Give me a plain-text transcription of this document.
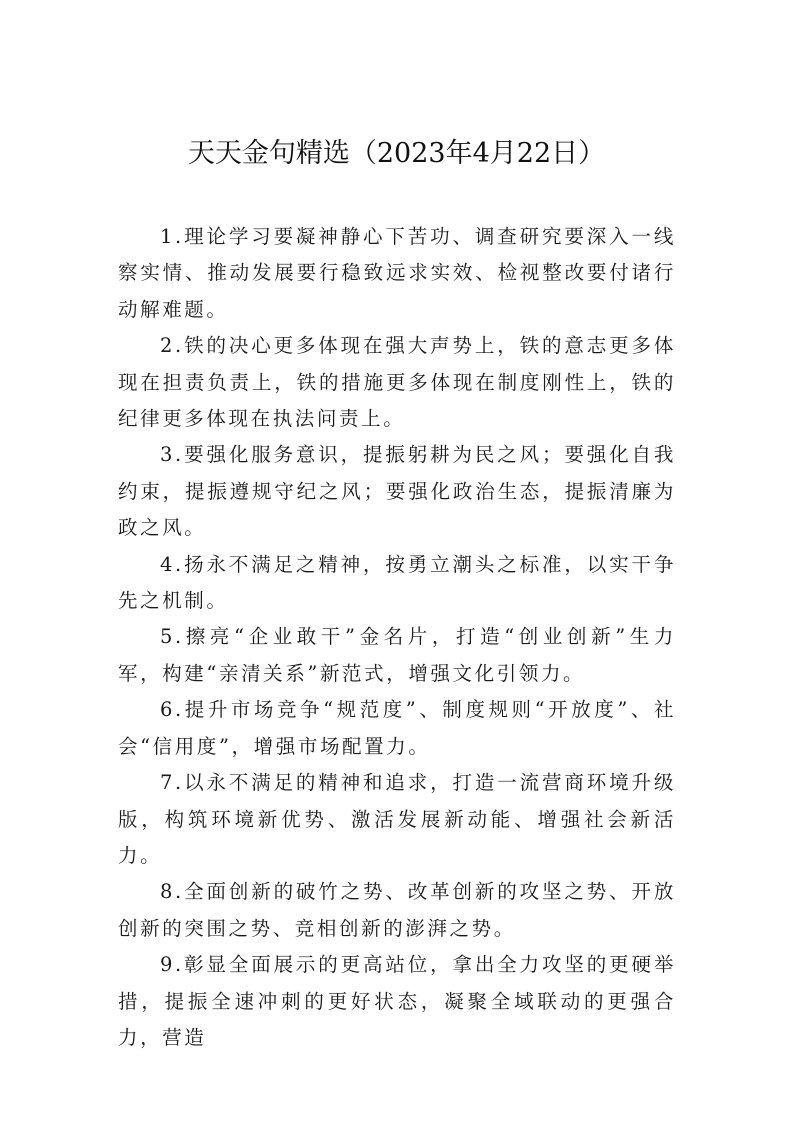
天天金句精选（2023年4月22日）

1.理论学习要凝神静心下苦功、调查研究要深入一线察实情、推动发展要行稳致远求实效、检视整改要付诸行动解难题。

2.铁的决心更多体现在强大声势上，铁的意志更多体现在担责负责上，铁的措施更多体现在制度刚性上，铁的纪律更多体现在执法问责上。

3.要强化服务意识，提振躬耕为民之风；要强化自我约束，提振遵规守纪之风；要强化政治生态，提振清廉为政之风。

4.扬永不满足之精神，按勇立潮头之标准，以实干争先之机制。

5.擦亮“企业敢干”金名片，打造“创业创新”生力军，构建“亲清关系”新范式，增强文化引领力。

6.提升市场竞争“规范度”、制度规则“开放度”、社会“信用度”，增强市场配置力。

7.以永不满足的精神和追求，打造一流营商环境升级版，构筑环境新优势、激活发展新动能、增强社会新活力。

8.全面创新的破竹之势、改革创新的攻坚之势、开放创新的突围之势、竞相创新的澎湃之势。

9.彰显全面展示的更高站位，拿出全力攻坚的更硬举措，提振全速冲刺的更好状态，凝聚全域联动的更强合力，营造
